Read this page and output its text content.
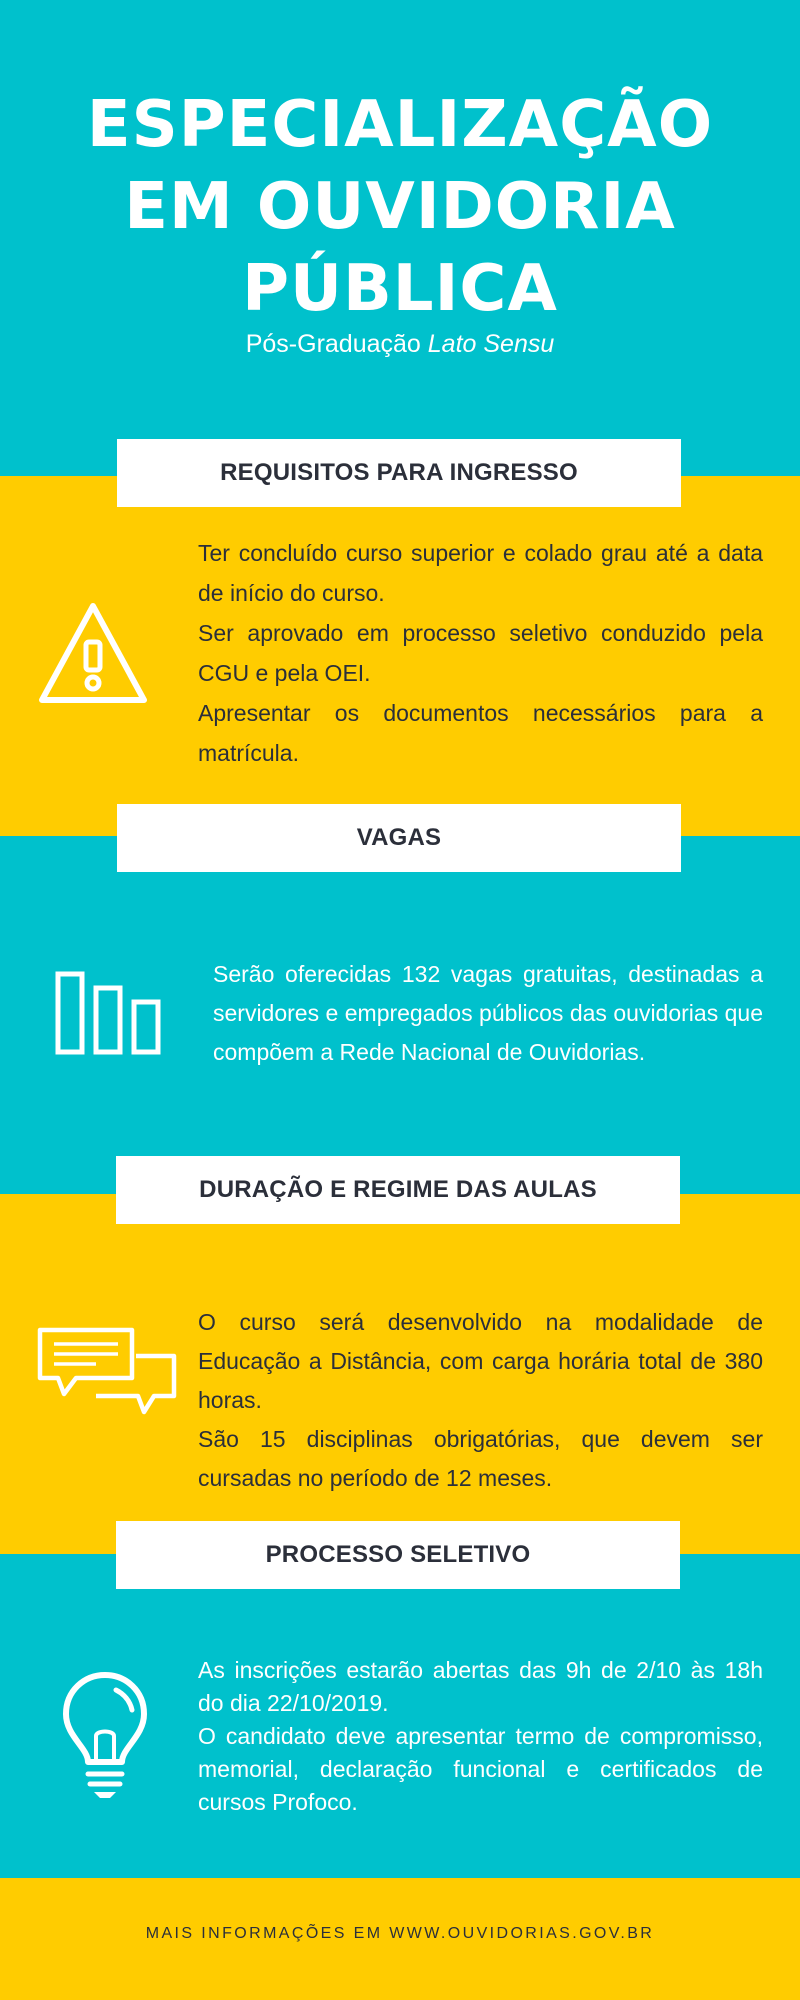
ESPECIALIZAÇÃO
EM OUVIDORIA
PÚBLICA
Pós-Graduação Lato Sensu
REQUISITOS PARA INGRESSO

Ter concluído curso superior e colado grau até a data de início do curso.

Ser aprovado em processo seletivo conduzido pela CGU e pela OEI.

Apresentar os documentos necessários para a matrícula.

VAGAS

Serão oferecidas 132 vagas gratuitas, destinadas a servidores e empregados públicos das ouvidorias que compõem a Rede Nacional de Ouvidorias.

DURAÇÃO E REGIME DAS AULAS

O curso será desenvolvido na modalidade de Educação a Distância, com carga horária total de 380 horas.

São 15 disciplinas obrigatórias, que devem ser cursadas no período de 12 meses.

PROCESSO SELETIVO

As inscrições estarão abertas das 9h de 2/10 às 18h do dia 22/10/2019.

O candidato deve apresentar termo de compromisso, memorial, declaração funcional e certificados de cursos Profoco.

MAIS INFORMAÇÕES EM WWW.OUVIDORIAS.GOV.BR
